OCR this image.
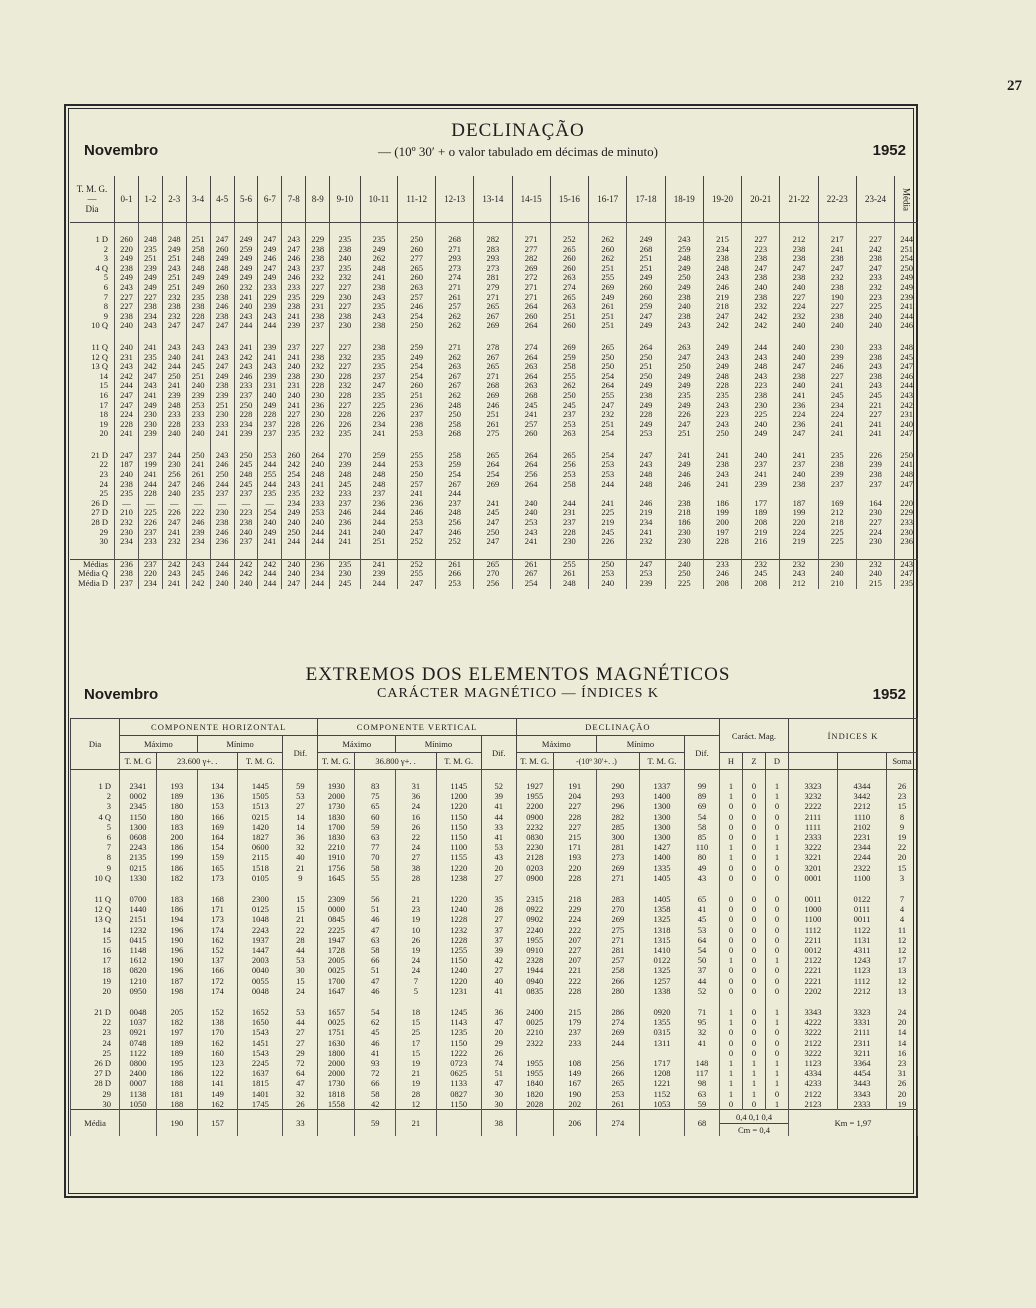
27
DECLINAÇÃO
— (10º 30′ + o valor tabulado em décimas de minuto)
Novembro	1952
T. M. G.
—
Dia	0-1	1-2	2-3	3-4	4-5	5-6	6-7	7-8	8-9	9-10	10-11	11-12	12-13	13-14	14-15	15-16	16-17	17-18	18-19	19-20	20-21	21-22	22-23	23-24	Média

1 D	260	248	248	251	247	249	247	243	229	235	235	250	268	282	271	252	262	249	243	215	227	212	217	227	244
2	220	235	249	258	260	259	249	247	238	238	249	260	271	283	277	265	260	268	259	234	223	238	241	242	251
3	249	251	251	248	249	249	246	246	238	240	262	277	293	293	282	260	262	251	248	238	238	238	238	238	254
4 Q	238	239	243	248	248	249	247	243	237	235	248	265	273	273	269	260	251	251	249	248	247	247	247	247	250
5	249	249	251	249	249	249	249	246	232	232	241	260	274	281	272	263	255	249	250	243	238	238	232	233	249
6	243	249	251	249	260	232	233	233	227	227	238	263	271	279	271	274	269	260	249	246	240	240	238	232	249
7	227	227	232	235	238	241	229	235	229	230	243	257	261	271	271	265	249	260	238	219	238	227	190	223	239
8	227	238	238	238	246	240	239	238	231	227	235	246	257	265	264	263	261	259	240	218	232	224	227	225	241
9	238	234	232	228	238	243	243	241	238	238	243	254	262	267	260	251	251	247	238	247	242	232	238	240	244
10 Q	240	243	247	247	247	244	244	239	237	230	238	250	262	269	264	260	251	249	243	242	242	240	240	240	246

11 Q	240	241	243	243	243	241	239	237	227	227	238	259	271	278	274	269	265	264	263	249	244	240	230	233	248
12 Q	231	235	240	241	243	242	241	241	238	232	235	249	262	267	264	259	250	250	247	243	243	240	239	238	245
13 Q	243	242	244	245	247	243	243	240	232	227	235	254	263	265	263	258	250	251	250	249	248	247	246	243	247
14	242	247	250	251	249	246	239	238	230	228	237	254	267	271	264	255	254	250	249	248	243	238	227	238	246
15	244	243	241	240	238	233	231	231	228	232	247	260	267	268	263	262	264	249	249	228	223	240	241	243	244
16	247	241	239	239	239	237	240	240	230	228	235	251	262	269	268	250	255	238	235	235	238	241	245	245	243
17	247	249	248	253	251	250	249	241	236	227	225	236	248	246	245	245	247	249	249	243	230	236	234	221	242
18	224	230	233	233	230	228	228	227	230	228	226	237	250	251	241	237	232	228	226	223	225	224	224	227	231
19	228	230	228	233	233	234	237	228	226	226	234	238	258	261	257	253	251	249	247	243	240	236	241	241	240
20	241	239	240	240	241	239	237	235	232	235	241	253	268	275	260	263	254	253	251	250	249	247	241	241	247

21 D	247	237	244	250	243	250	253	260	264	270	259	255	258	265	264	265	254	247	241	241	240	241	235	226	250
22	187	199	230	241	246	245	244	242	240	239	244	253	259	264	264	256	253	243	249	238	237	237	238	239	241
23	240	241	256	261	250	248	255	254	248	248	248	250	254	254	256	253	253	248	246	243	241	240	239	238	248
24	238	244	247	246	244	245	244	243	241	245	248	257	267	269	264	258	244	248	246	241	239	238	237	237	247
25	235	228	240	235	237	237	235	235	232	233	237	241	244												
26 D	—	—	—	—	—	—	—	234	233	237	236	236	237	241	240	244	241	246	238	186	177	187	169	164	220
27 D	210	225	226	222	230	223	254	249	253	246	244	246	248	245	240	231	225	219	218	199	189	199	212	230	229
28 D	232	226	247	246	238	238	240	240	240	236	244	253	256	247	253	237	219	234	186	200	208	220	218	227	233
29	230	237	241	239	246	240	249	250	244	241	240	247	246	250	243	228	245	241	230	197	219	224	225	224	230
30	234	233	232	234	236	237	241	244	244	241	251	252	252	247	241	230	226	232	230	228	216	219	225	230	236

Médias	236	237	242	243	244	242	242	240	236	235	241	252	261	265	261	255	250	247	240	233	232	232	230	232	243
Média Q	238	220	243	245	246	242	244	240	234	230	239	255	266	270	267	261	253	253	250	246	245	243	240	240	247
Média D	237	234	241	242	240	240	244	247	244	245	244	247	253	256	254	248	240	239	225	208	208	212	210	215	235
EXTREMOS DOS ELEMENTOS MAGNÉTICOS
CARÁCTER MAGNÉTICO — ÍNDICES K
Novembro	1952
Dia	COMPONENTE HORIZONTAL					COMPONENTE VERTICAL					DECLINAÇÃO					Caráct. Mag.			ÍNDICES K		
	Máximo		Mínimo		Dif.	Máximo		Mínimo		Dif.	Máximo		Mínimo		Dif.						
	T. M. G	23.600 γ+. .		T. M. G.		T. M. G.	36.800 γ+. .		T. M. G.		T. M. G.	-(10º 30′+. .)		T. M. G.		H	Z	D			Soma

1 D	2341	193	134	1445	59	1930	83	31	1145	52	1927	191	290	1337	99	1	0	1	3323	4344	26
2	0002	189	136	1505	53	2000	75	36	1200	39	1955	204	293	1400	89	1	0	1	3232	3442	23
3	2345	180	153	1513	27	1730	65	24	1220	41	2200	227	296	1300	69	0	0	0	2222	2212	15
4 Q	1150	180	166	0215	14	1830	60	16	1150	44	0900	228	282	1300	54	0	0	0	2111	1110	8
5	1300	183	169	1420	14	1700	59	26	1150	33	2232	227	285	1300	58	0	0	0	1111	2102	9
6	0608	200	164	1827	36	1830	63	22	1150	41	0830	215	300	1300	85	0	0	1	2333	2231	19
7	2243	186	154	0600	32	2210	77	24	1100	53	2230	171	281	1427	110	1	0	1	3222	2344	22
8	2135	199	159	2115	40	1910	70	27	1155	43	2128	193	273	1400	80	1	0	1	3221	2244	20
9	0215	186	165	1518	21	1756	58	38	1220	20	0203	220	269	1335	49	0	0	0	3201	2322	15
10 Q	1330	182	173	0105	9	1645	55	28	1238	27	0900	228	271	1405	43	0	0	0	0001	1100	3

11 Q	0700	183	168	2300	15	2309	56	21	1220	35	2315	218	283	1405	65	0	0	0	0011	0122	7
12 Q	1440	186	171	0125	15	0000	51	23	1240	28	0922	229	270	1358	41	0	0	0	1000	0111	4
13 Q	2151	194	173	1048	21	0845	46	19	1228	27	0902	224	269	1325	45	0	0	0	1100	0011	4
14	1232	196	174	2243	22	2225	47	10	1232	37	2240	222	275	1318	53	0	0	0	1112	1122	11
15	0415	190	162	1937	28	1947	63	26	1228	37	1955	207	271	1315	64	0	0	0	2211	1131	12
16	1148	196	152	1447	44	1728	58	19	1255	39	0910	227	281	1410	54	0	0	0	0012	4311	12
17	1612	190	137	2003	53	2005	66	24	1150	42	2328	207	257	0122	50	1	0	1	2122	1243	17
18	0820	196	166	0040	30	0025	51	24	1240	27	1944	221	258	1325	37	0	0	0	2221	1123	13
19	1210	187	172	0055	15	1700	47	7	1220	40	0940	222	266	1257	44	0	0	0	2221	1112	12
20	0950	198	174	0048	24	1647	46	5	1231	41	0835	228	280	1338	52	0	0	0	2202	2212	13

21 D	0048	205	152	1652	53	1657	54	18	1245	36	2400	215	286	0920	71	1	0	1	3343	3323	24
22	1037	182	138	1650	44	0025	62	15	1143	47	0025	179	274	1355	95	1	0	1	4222	3331	20
23	0921	197	170	1543	27	1751	45	25	1235	20	2210	237	269	0315	32	0	0	0	3222	2111	14
24	0748	189	162	1451	27	1630	46	17	1150	29	2322	233	244	1311	41	0	0	0	2122	2311	14
25	1122	189	160	1543	29	1800	41	15	1222	26						0	0	0	3222	3211	16
26 D	0800	195	123	2245	72	2000	93	19	0723	74	1955	108	256	1717	148	1	1	1	1123	3364	23
27 D	2400	186	122	1637	64	2000	72	21	0625	51	1955	149	266	1208	117	1	1	1	4334	4454	31
28 D	0007	188	141	1815	47	1730	66	19	1133	47	1840	167	265	1221	98	1	1	1	4233	3443	26
29	1138	181	149	1401	32	1818	58	28	0827	30	1820	190	253	1152	63	1	1	0	2122	3343	20
30	1050	188	162	1745	26	1558	42	12	1150	30	2028	202	261	1053	59	0	0	1	2123	2333	19
Média		190	157		33		59	21		38		206	274		68	0,4 0,1 0,4
Cm = 0,4			Km = 1,97		
